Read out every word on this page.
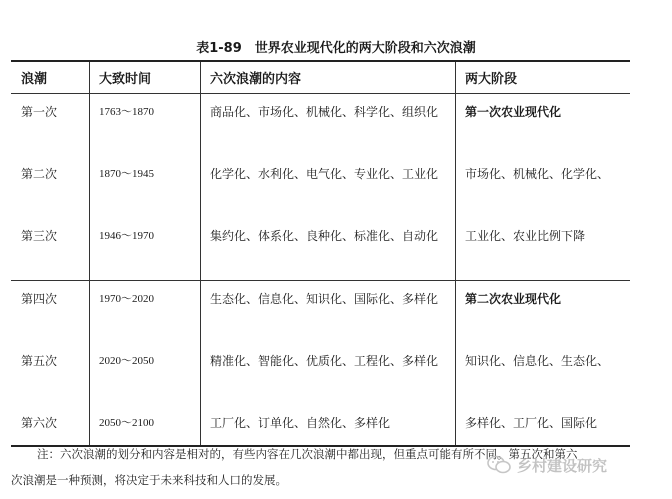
表1-89　世界农业现代化的两大阶段和六次浪潮
浪潮	大致时间	六次浪潮的内容	两大阶段
第一次	1763～1870	商品化、市场化、机械化、科学化、组织化	第一次农业现代化
第二次	1870～1945	化学化、水利化、电气化、专业化、工业化	市场化、机械化、化学化、
第三次	1946～1970	集约化、体系化、良种化、标准化、自动化	工业化、农业比例下降
第四次	1970～2020	生态化、信息化、知识化、国际化、多样化	第二次农业现代化
第五次	2020～2050	精准化、智能化、优质化、工程化、多样化	知识化、信息化、生态化、
第六次	2050～2100	工厂化、订单化、自然化、多样化	多样化、工厂化、国际化
注：六次浪潮的划分和内容是相对的，有些内容在几次浪潮中都出现，但重点可能有所不同。第五次和第六
次浪潮是一种预测，将决定于未来科技和人口的发展。
乡村建设研究
